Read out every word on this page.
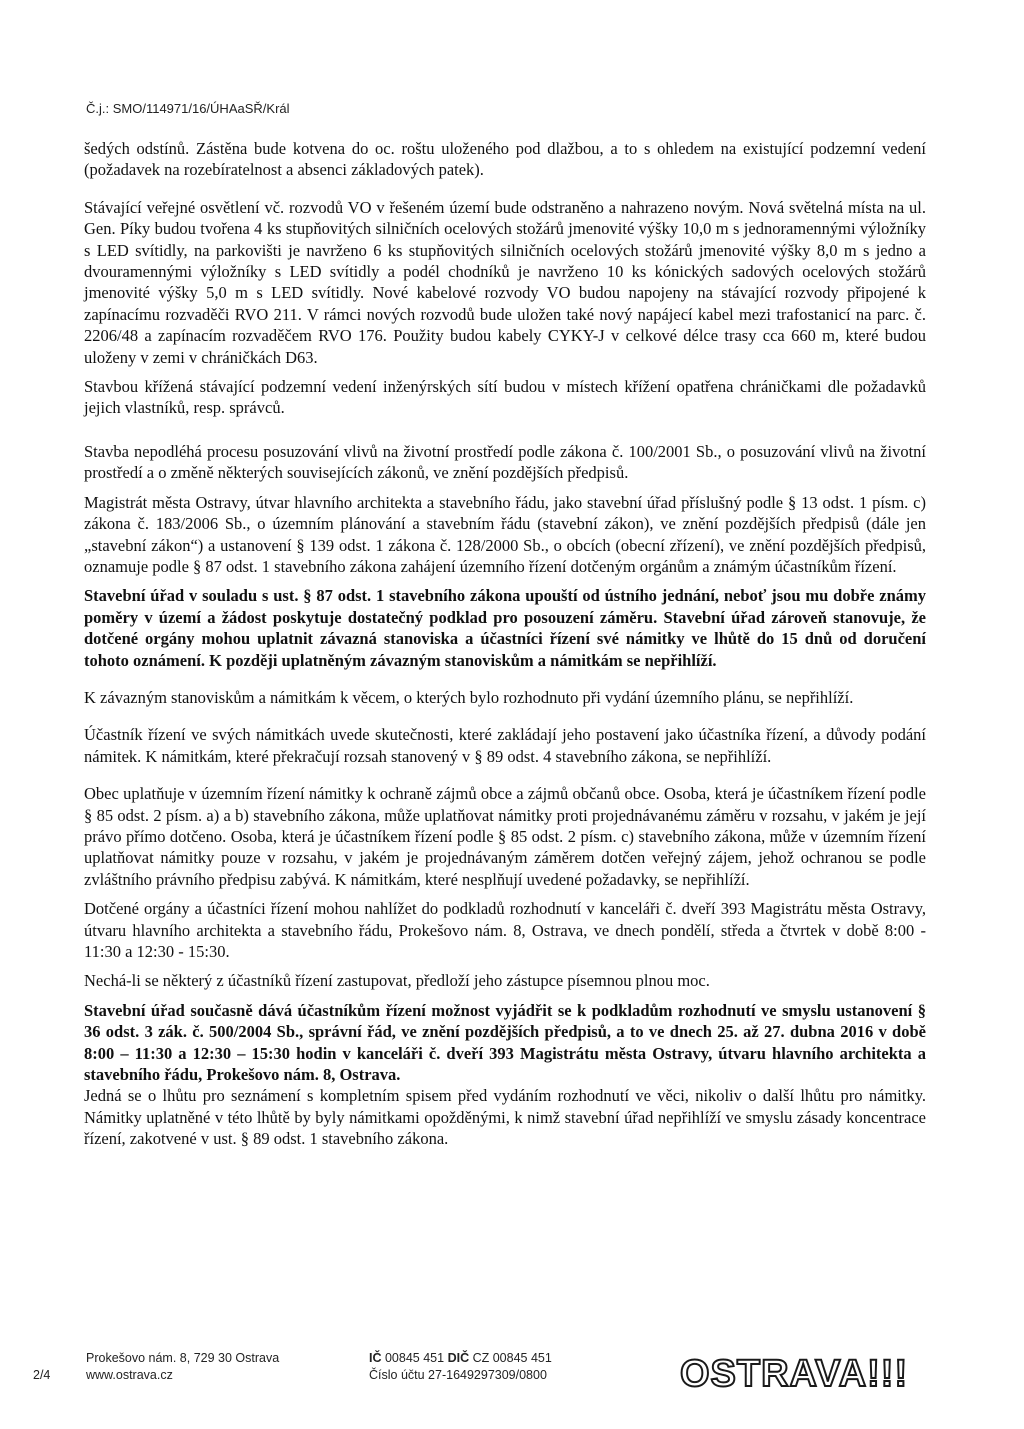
Č.j.: SMO/114971/16/ÚHAaSŘ/Král

šedých odstínů. Zástěna bude kotvena do oc. roštu uloženého pod dlažbou, a to s ohledem na existující podzemní vedení (požadavek na rozebíratelnost a absenci základových patek).

Stávající veřejné osvětlení vč. rozvodů VO v řešeném území bude odstraněno a nahrazeno novým. Nová světelná místa na ul. Gen. Píky budou tvořena 4 ks stupňovitých silničních ocelových stožárů jmenovité výšky 10,0 m s jednoramennými výložníky s LED svítidly, na parkovišti je navrženo 6 ks stupňovitých silničních ocelových stožárů jmenovité výšky 8,0 m s jedno a dvouramennými výložníky s LED svítidly a podél chodníků je navrženo 10 ks kónických sadových ocelových stožárů jmenovité výšky 5,0 m s LED svítidly. Nové kabelové rozvody VO budou napojeny na stávající rozvody připojené k zapínacímu rozvaděči RVO 211. V rámci nových rozvodů bude uložen také nový napájecí kabel mezi trafostanicí na parc. č. 2206/48 a zapínacím rozvaděčem RVO 176. Použity budou kabely CYKY-J v celkové délce trasy cca 660 m, které budou uloženy v zemi v chráničkách D63.

Stavbou křížená stávající podzemní vedení inženýrských sítí budou v místech křížení opatřena chráničkami dle požadavků jejich vlastníků, resp. správců.

Stavba nepodléhá procesu posuzování vlivů na životní prostředí podle zákona č. 100/2001 Sb., o posuzování vlivů na životní prostředí a o změně některých souvisejících zákonů, ve znění pozdějších předpisů.

Magistrát města Ostravy, útvar hlavního architekta a stavebního řádu, jako stavební úřad příslušný podle § 13 odst. 1 písm. c) zákona č. 183/2006 Sb., o územním plánování a stavebním řádu (stavební zákon), ve znění pozdějších předpisů (dále jen „stavební zákon“) a ustanovení § 139 odst. 1 zákona č. 128/2000 Sb., o obcích (obecní zřízení), ve znění pozdějších předpisů, oznamuje podle § 87 odst. 1 stavebního zákona zahájení územního řízení dotčeným orgánům a známým účastníkům řízení.

Stavební úřad v souladu s ust. § 87 odst. 1 stavebního zákona upouští od ústního jednání, neboť jsou mu dobře známy poměry v území a žádost poskytuje dostatečný podklad pro posouzení záměru. Stavební úřad zároveň stanovuje, že dotčené orgány mohou uplatnit závazná stanoviska a účastníci řízení své námitky ve lhůtě do 15 dnů od doručení tohoto oznámení. K později uplatněným závazným stanoviskům a námitkám se nepřihlíží.

K závazným stanoviskům a námitkám k věcem, o kterých bylo rozhodnuto při vydání územního plánu, se nepřihlíží.

Účastník řízení ve svých námitkách uvede skutečnosti, které zakládají jeho postavení jako účastníka řízení, a důvody podání námitek. K námitkám, které překračují rozsah stanovený v § 89 odst. 4 stavebního zákona, se nepřihlíží.

Obec uplatňuje v územním řízení námitky k ochraně zájmů obce a zájmů občanů obce. Osoba, která je účastníkem řízení podle § 85 odst. 2 písm. a) a b) stavebního zákona, může uplatňovat námitky proti projednávanému záměru v rozsahu, v jakém je její právo přímo dotčeno. Osoba, která je účastníkem řízení podle § 85 odst. 2 písm. c) stavebního zákona, může v územním řízení uplatňovat námitky pouze v rozsahu, v jakém je projednávaným záměrem dotčen veřejný zájem, jehož ochranou se podle zvláštního právního předpisu zabývá. K námitkám, které nesplňují uvedené požadavky, se nepřihlíží.

Dotčené orgány a účastníci řízení mohou nahlížet do podkladů rozhodnutí v kanceláři č. dveří 393 Magistrátu města Ostravy, útvaru hlavního architekta a stavebního řádu, Prokešovo nám. 8, Ostrava, ve dnech pondělí, středa a čtvrtek v době 8:00 - 11:30 a 12:30 - 15:30.

Nechá-li se některý z účastníků řízení zastupovat, předloží jeho zástupce písemnou plnou moc.

Stavební úřad současně dává účastníkům řízení možnost vyjádřit se k podkladům rozhodnutí ve smyslu ustanovení § 36 odst. 3 zák. č. 500/2004 Sb., správní řád, ve znění pozdějších předpisů, a to ve dnech 25. až 27. dubna 2016 v době 8:00 – 11:30 a 12:30 – 15:30 hodin v kanceláři č. dveří 393 Magistrátu města Ostravy, útvaru hlavního architekta a stavebního řádu, Prokešovo nám. 8, Ostrava.

Jedná se o lhůtu pro seznámení s kompletním spisem před vydáním rozhodnutí ve věci, nikoliv o další lhůtu pro námitky. Námitky uplatněné v této lhůtě by byly námitkami opožděnými, k nimž stavební úřad nepřihlíží ve smyslu zásady koncentrace řízení, zakotvené v ust. § 89 odst. 1 stavebního zákona.

2/4
Prokešovo nám. 8, 729 30 Ostrava
www.ostrava.cz
IČ 00845 451 DIČ CZ 00845 451
Číslo účtu 27-1649297309/0800	OSTRAVA!!!
